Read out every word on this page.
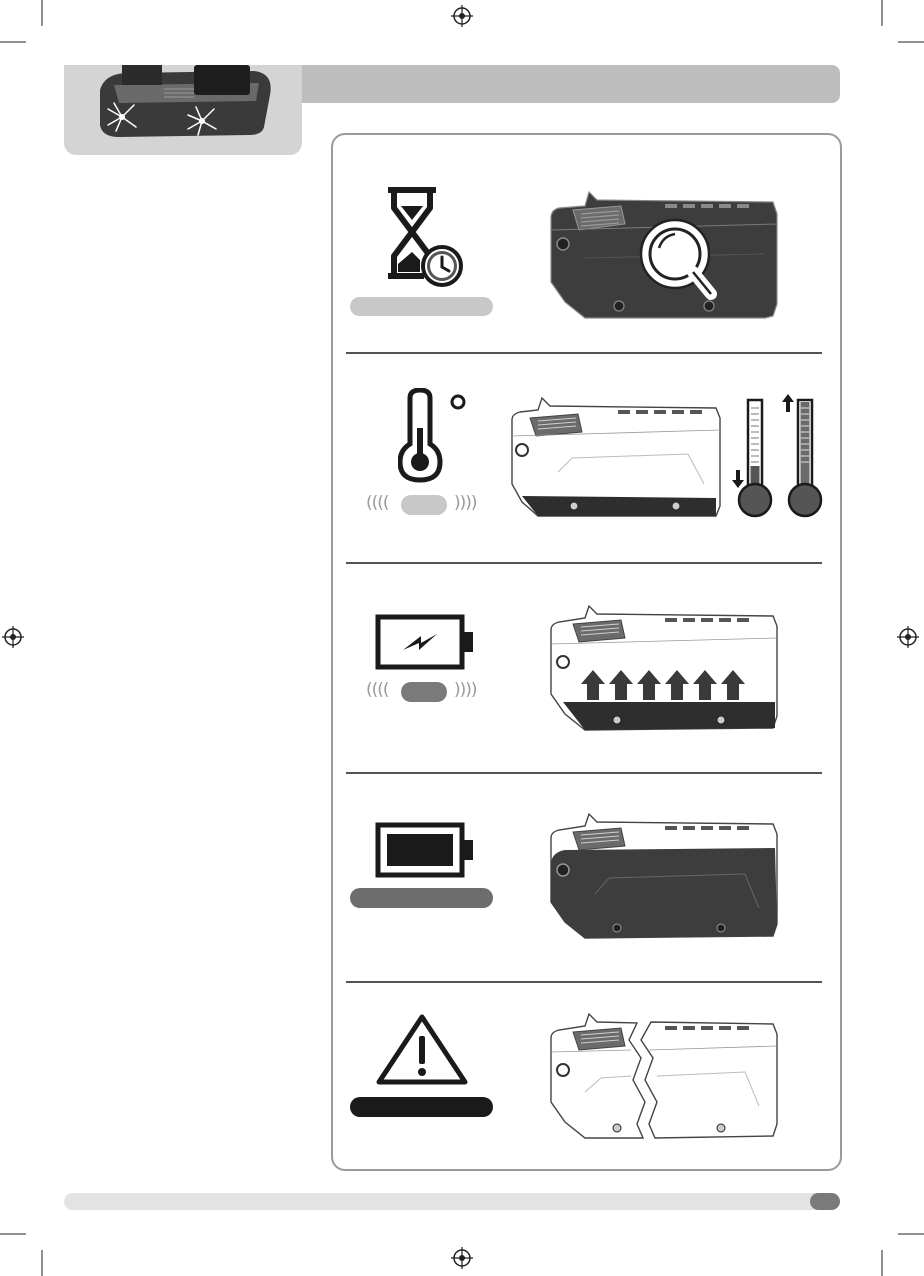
((((	))))
((((	))))
